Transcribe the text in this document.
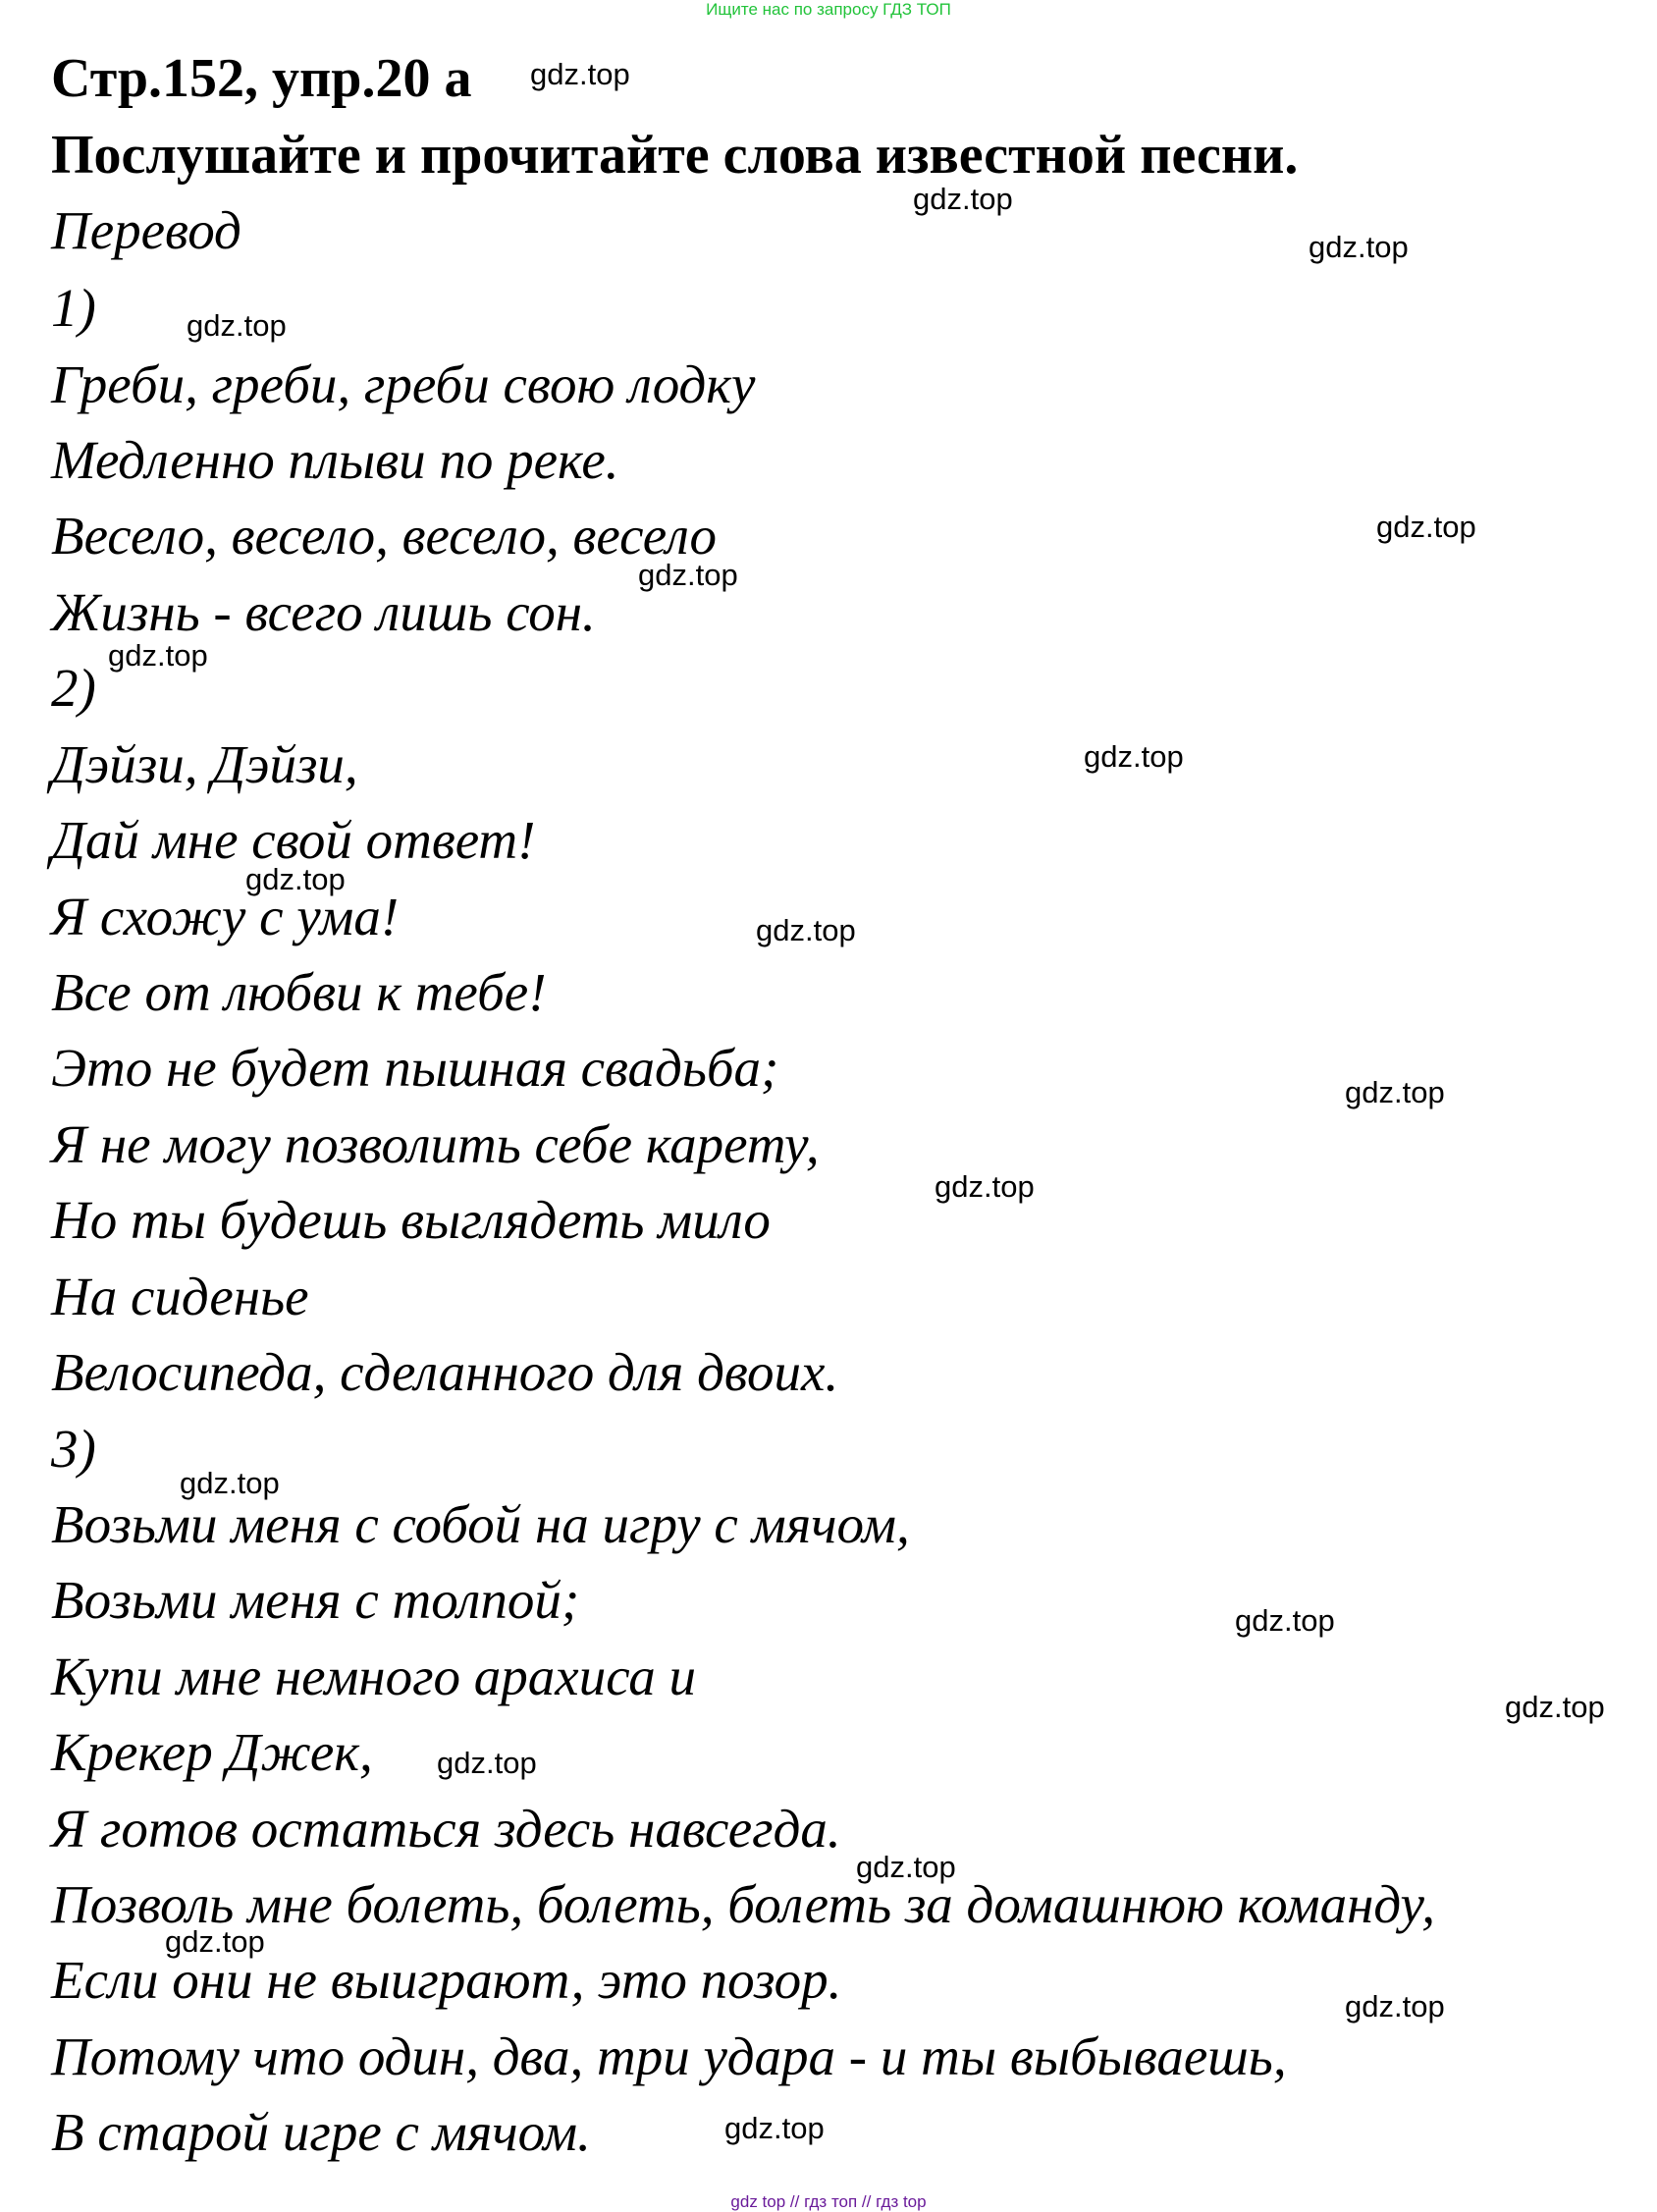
Ищите нас по запросу ГДЗ ТОП
Стр.152, упр.20 а
Послушайте и прочитайте слова известной песни.
Перевод
1)
Греби, греби, греби свою лодку
Медленно плыви по реке.
Весело, весело, весело, весело
Жизнь - всего лишь сон.
2)
Дэйзи, Дэйзи,
Дай мне свой ответ!
Я схожу с ума!
Все от любви к тебе!
Это не будет пышная свадьба;
Я не могу позволить себе карету,
Но ты будешь выглядеть мило
На сиденье
Велосипеда, сделанного для двоих.
3)
Возьми меня с собой на игру с мячом,
Возьми меня с толпой;
Купи мне немного арахиса и
Крекер Джек,
Я готов остаться здесь навсегда.
Позволь мне болеть, болеть, болеть за домашнюю команду,
Если они не выиграют, это позор.
Потому что один, два, три удара - и ты выбываешь,
В старой игре с мячом.
gdz.top
gdz.top
gdz.top
gdz.top
gdz.top
gdz.top
gdz.top
gdz.top
gdz.top
gdz.top
gdz.top
gdz.top
gdz.top
gdz.top
gdz.top
gdz.top
gdz.top
gdz.top
gdz.top
gdz.top
gdz top // гдз топ // гдз top
